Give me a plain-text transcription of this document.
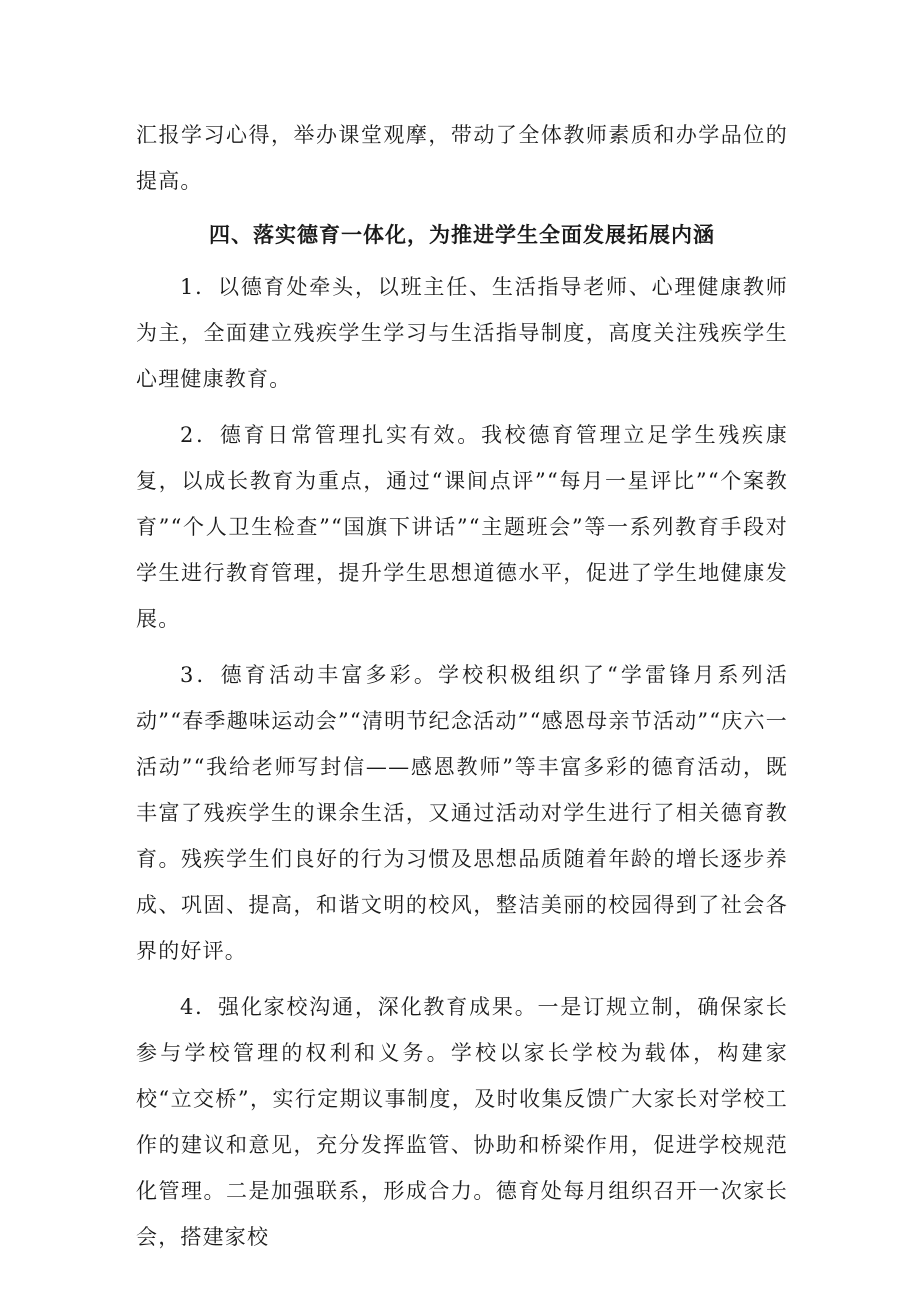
汇报学习心得，举办课堂观摩，带动了全体教师素质和办学品位的提高。

四、落实德育一体化，为推进学生全面发展拓展内涵

1．以德育处牵头，以班主任、生活指导老师、心理健康教师为主，全面建立残疾学生学习与生活指导制度，高度关注残疾学生心理健康教育。

2．德育日常管理扎实有效。我校德育管理立足学生残疾康复，以成长教育为重点，通过“课间点评”“每月一星评比”“个案教育”“个人卫生检查”“国旗下讲话”“主题班会”等一系列教育手段对学生进行教育管理，提升学生思想道德水平，促进了学生地健康发展。

3．德育活动丰富多彩。学校积极组织了“学雷锋月系列活动”“春季趣味运动会”“清明节纪念活动”“感恩母亲节活动”“庆六一活动”“我给老师写封信——感恩教师”等丰富多彩的德育活动，既丰富了残疾学生的课余生活，又通过活动对学生进行了相关德育教育。残疾学生们良好的行为习惯及思想品质随着年龄的增长逐步养成、巩固、提高，和谐文明的校风，整洁美丽的校园得到了社会各界的好评。

4．强化家校沟通，深化教育成果。一是订规立制，确保家长参与学校管理的权利和义务。学校以家长学校为载体，构建家校“立交桥”，实行定期议事制度，及时收集反馈广大家长对学校工作的建议和意见，充分发挥监管、协助和桥梁作用，促进学校规范化管理。二是加强联系，形成合力。德育处每月组织召开一次家长会，搭建家校
